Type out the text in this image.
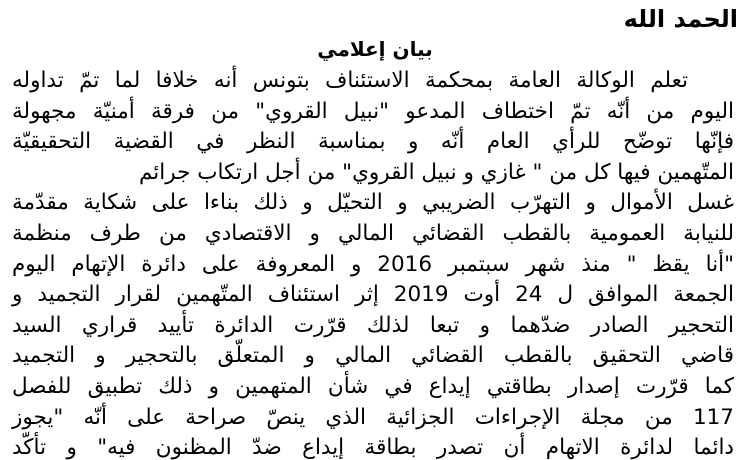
الحمد الله
بيان إعلامي
تعلم الوكالة العامة بمحكمة الاستئناف بتونس أنه خلافا لما تمّ تداوله
اليوم من أنّه تمّ اختطاف المدعو "نبيل القروي" من فرقة أمنيّة مجهولة
فإنّها توضّح للرأي العام أنّه و بمناسبة النظر في القضية التحقيقيّة
المتّهمين فيها كل من " غازي و نبيل القروي" من أجل ارتكاب جرائم
غسل الأموال و التهرّب الضريبي و التحيّل و ذلك بناءا على شكاية مقدّمة
للنيابة العمومية بالقطب القضائي المالي و الاقتصادي من طرف منظمة
"أنا يقظ " منذ شهر سبتمبر 2016 و المعروفة على دائرة الإتهام اليوم
الجمعة الموافق ل 24 أوت 2019 إثر استئناف المتّهمين لقرار التجميد و
التحجير الصادر ضدّهما و تبعا لذلك قرّرت الدائرة تأييد قراري السيد
قاضي التحقيق بالقطب القضائي المالي و المتعلّق بالتحجير و التجميد
كما قرّرت إصدار بطاقتي إيداع في شأن المتهمين و ذلك تطبيق للفصل
117 من مجلة الإجراءات الجزائية الذي ينصّ صراحة على أنّه "يجوز
دائما لدائرة الاتهام أن تصدر بطاقة إيداع ضدّ المظنون فيه" و تأكّد
